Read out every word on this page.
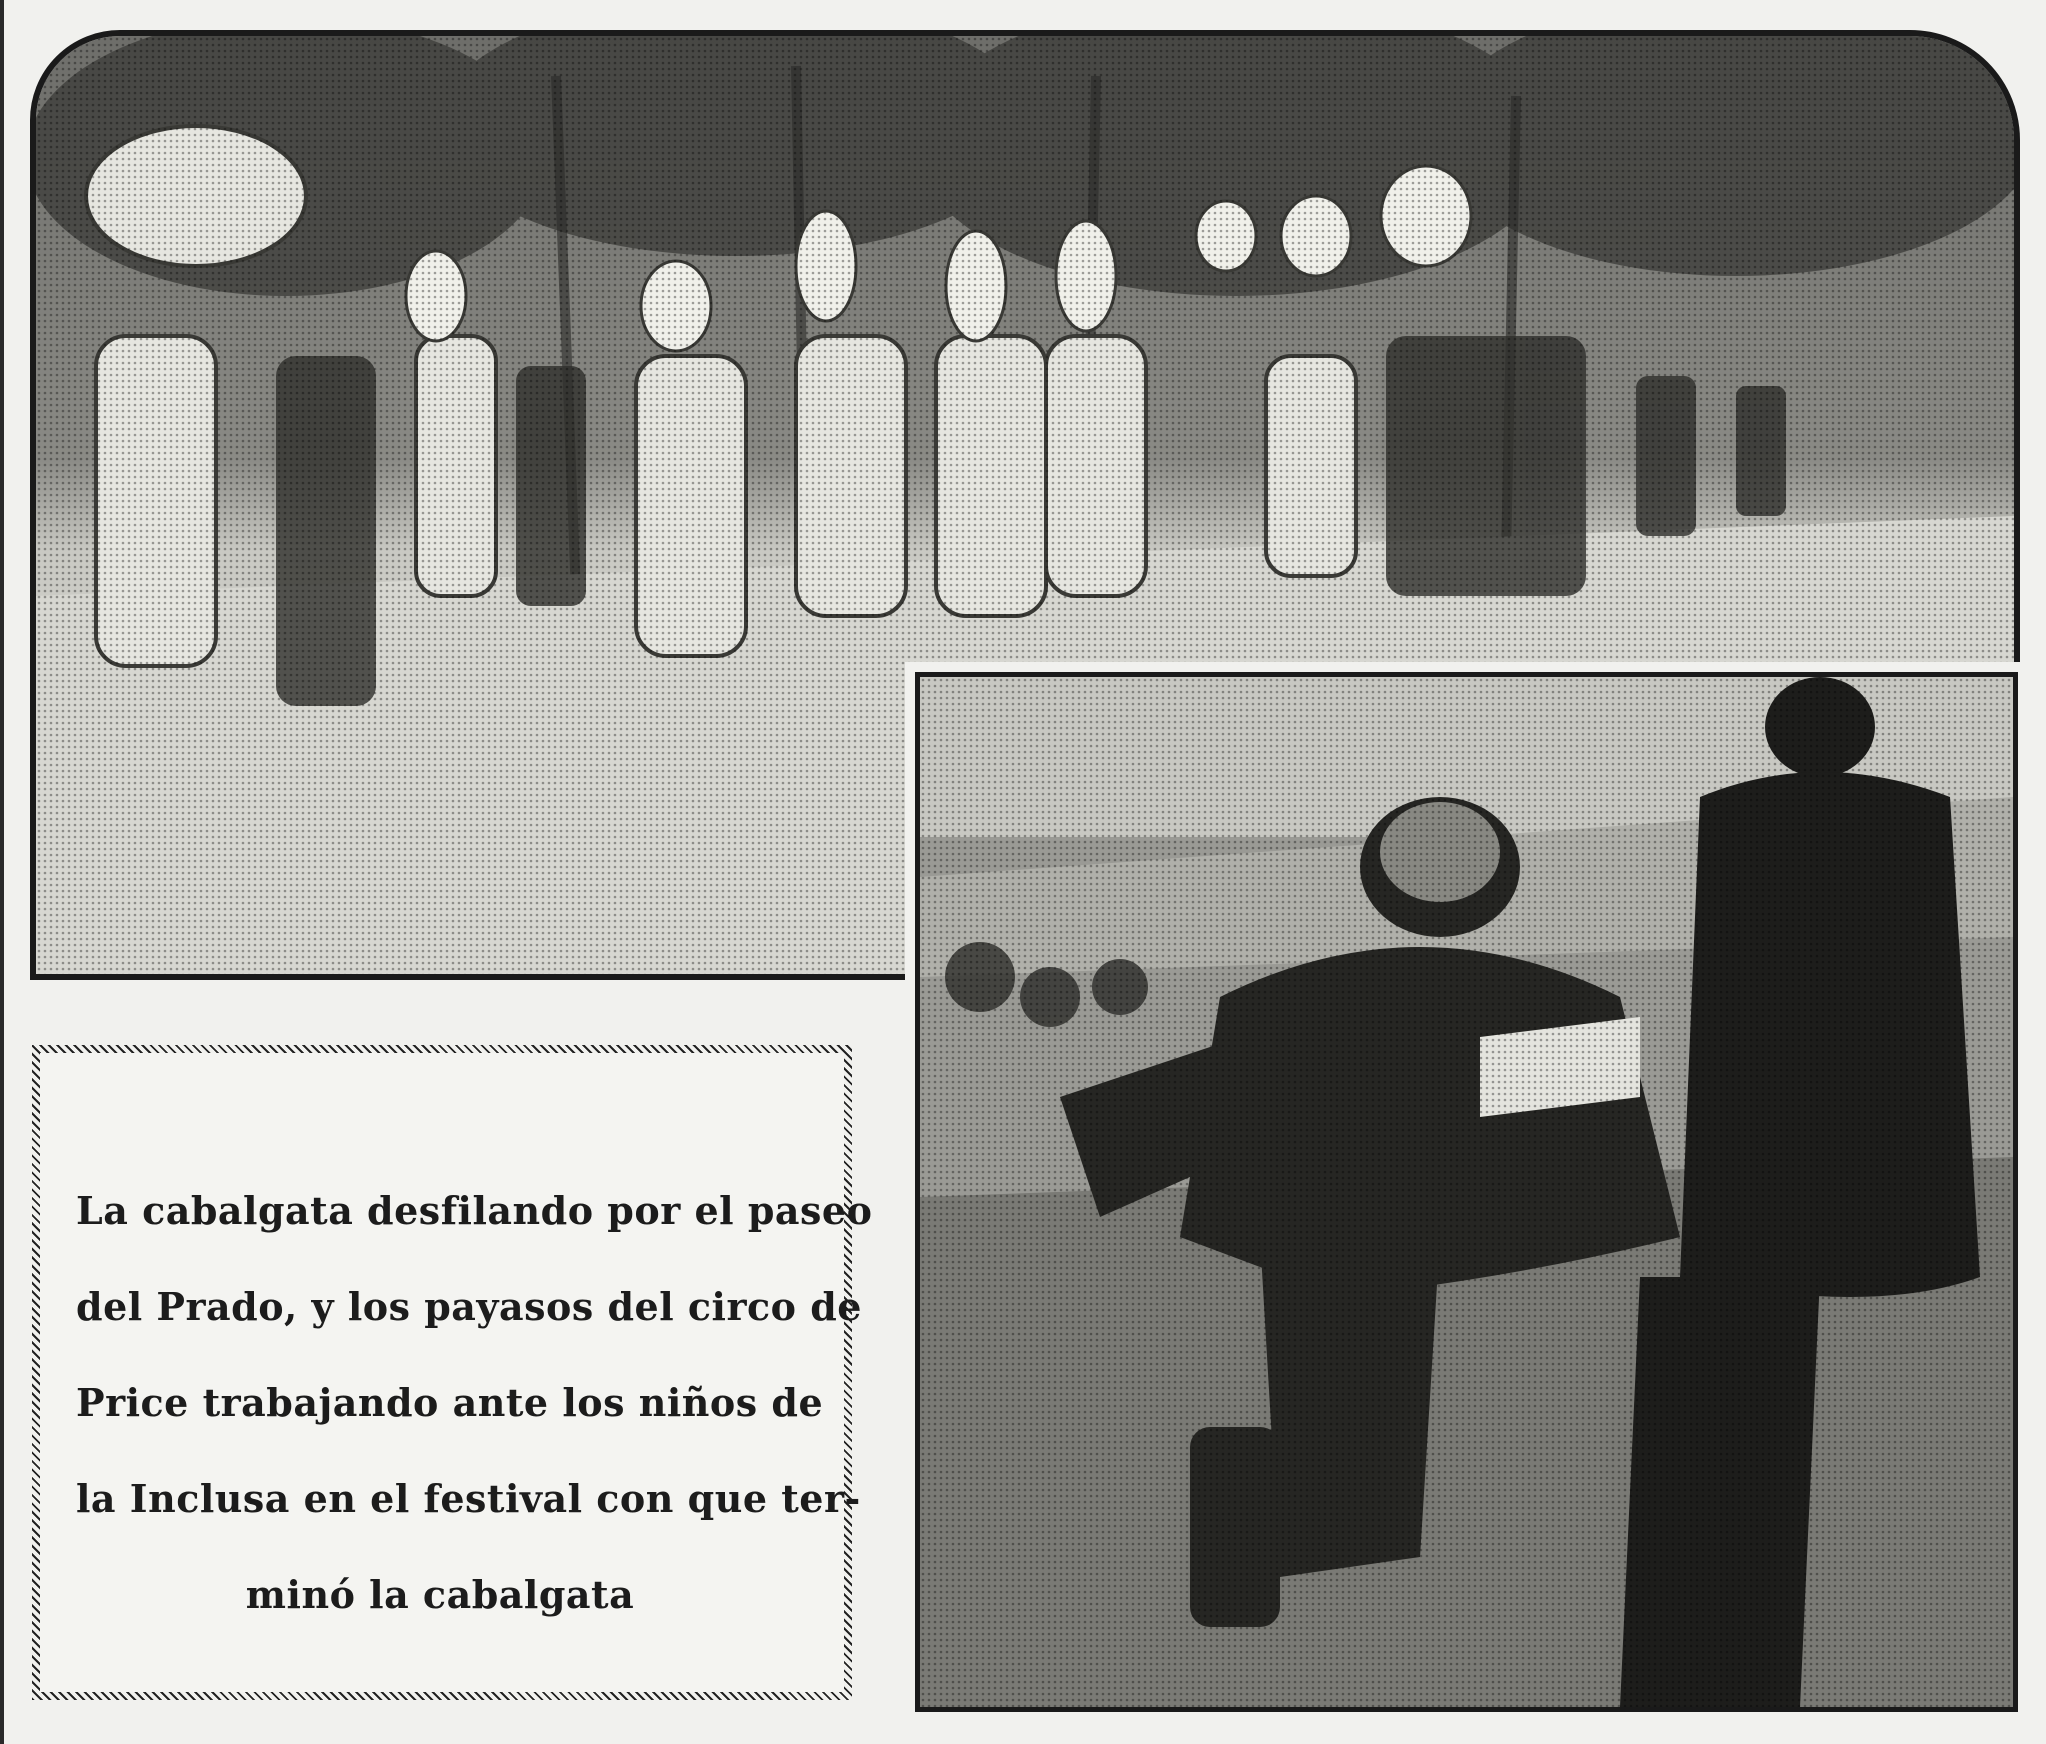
La cabalgata desfilando por el paseo
del Prado, y los payasos del circo de
Price trabajando ante los niños de
la Inclusa en el festival con que ter-
minó la cabalgata
